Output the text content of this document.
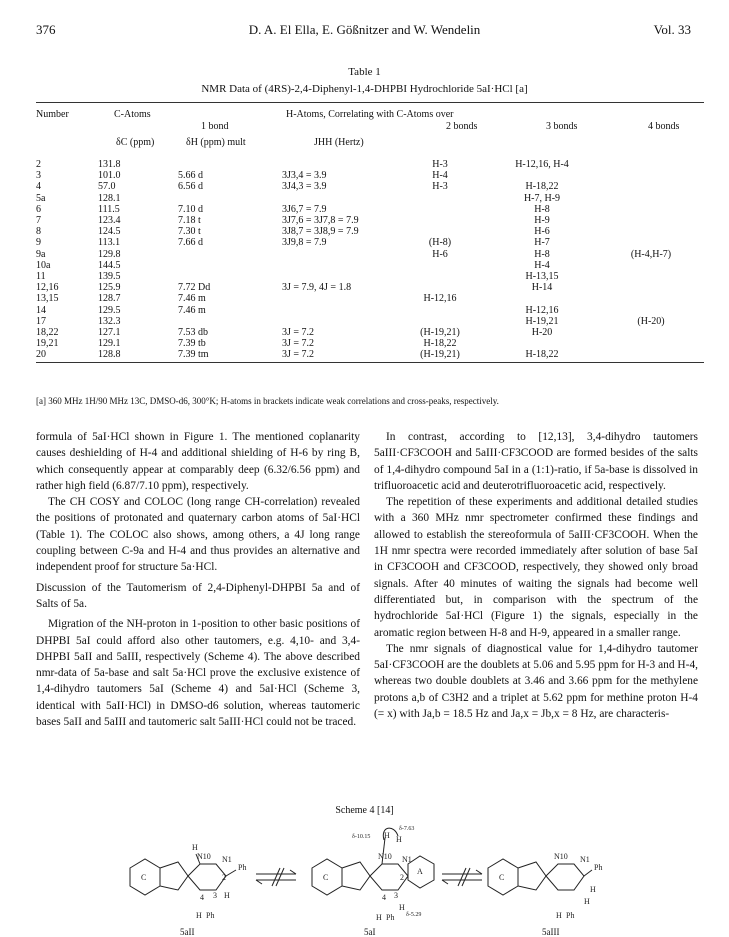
376	D. A. El Ella, E. Gößnitzer and W. Wendelin	Vol. 33
Table 1
NMR Data of (4RS)-2,4-Diphenyl-1,4-DHPBI Hydrochloride 5aI·HCl [a]
Number	C-Atoms	H-Atoms, Correlating with C-Atoms over
1 bond	2 bonds	3 bonds	4 bonds
δC (ppm)	δH (ppm) mult	JHH (Hertz)
2	131.8			H-3	H-12,16, H-4	
3	101.0	5.66 d	3J3,4 = 3.9	H-4		
4	57.0	6.56 d	3J4,3 = 3.9	H-3	H-18,22	
5a	128.1				H-7, H-9	
6	111.5	7.10 d	3J6,7 = 7.9		H-8	
7	123.4	7.18 t	3J7,6 = 3J7,8 = 7.9		H-9	
8	124.5	7.30 t	3J8,7 = 3J8,9 = 7.9		H-6	
9	113.1	7.66 d	3J9,8 = 7.9	(H-8)	H-7	
9a	129.8			H-6	H-8	(H-4,H-7)
10a	144.5				H-4	
11	139.5				H-13,15	
12,16	125.9	7.72 Dd	3J = 7.9, 4J = 1.8		H-14	
13,15	128.7	7.46 m		H-12,16		
14	129.5	7.46 m			H-12,16	
17	132.3				H-19,21	(H-20)
18,22	127.1	7.53 db	3J = 7.2	(H-19,21)	H-20	
19,21	129.1	7.39 tb	3J = 7.2	H-18,22		
20	128.8	7.39 tm	3J = 7.2	(H-19,21)	H-18,22	
[a] 360 MHz 1H/90 MHz 13C, DMSO-d6, 300°K; H-atoms in brackets indicate weak correlations and cross-peaks, respectively.

formula of 5aI·HCl shown in Figure 1. The mentioned coplanarity causes deshielding of H-4 and additional shielding of H-6 by ring B, which consequently appear at comparably deep (6.32/6.56 ppm) and rather high field (6.87/7.10 ppm), respectively.

The CH COSY and COLOC (long range CH-correlation) revealed the positions of protonated and quaternary carbon atoms of 5aI·HCl (Table 1). The COLOC also shows, among others, a 4J long range coupling between C-9a and H-4 and thus provides an alternative and independent proof for structure 5a·HCl.

Discussion of the Tautomerism of 2,4-Diphenyl-DHPBI 5a and of Salts of 5a.

Migration of the NH-proton in 1-position to other basic positions of DHPBI 5aI could afford also other tautomers, e.g. 4,10- and 3,4-DHPBI 5aII and 5aIII, respectively (Scheme 4). The above described nmr-data of 5a-base and salt 5a·HCl prove the exclusive existence of 1,4-dihydro tautomers 5aI (Scheme 4) and 5aI·HCl (Scheme 3, identical with 5aII·HCl) in DMSO-d6 solution, whereas tautomeric bases 5aII and 5aIII and tautomeric salt 5aIII·HCl could not be traced.

In contrast, according to [12,13], 3,4-dihydro tautomers 5aIII·CF3COOH and 5aIII·CF3COOD are formed besides of the salts of 1,4-dihydro compound 5aI in a (1:1)-ratio, if 5a-base is dissolved in trifluoroacetic acid and deuterotrifluoroacetic acid, respectively.

The repetition of these experiments and additional detailed studies with a 360 MHz nmr spectrometer confirmed these findings and allowed to establish the stereoformula of 5aIII·CF3COOH. When the 1H nmr spectra were recorded immediately after solution of base 5aI in CF3COOH and CF3COOD, respectively, they showed only broad signals. After 40 minutes of waiting the signals had become well differentiated but, in comparison with the spectrum of the hydrochloride 5aI·HCl (Figure 1) the signals, especially in the aromatic region between H-8 and H-9, appeared in a smaller range.

The nmr signals of diagnostical value for 1,4-dihydro tautomer 5aI·CF3COOH are the doublets at 5.06 and 5.95 ppm for H-3 and H-4, whereas two double doublets at 3.46 and 3.66 ppm for the methylene protons a,b of C3H2 and a triplet at 5.62 ppm for methine proton H-4 (= x) with Ja,b = 18.5 Hz and Ja,x = Jb,x = 8 Hz, are characteris-

Scheme 4 [14]
C
H
N10 N1
Ph
2
3 H
4
H Ph
5aII
C
A
H
δ-10.15
δ-7.63
H
N10 N1
2
3
4
H
δ-5.29
H Ph
5aI
C
N10 N1
Ph
H
H
H Ph
5aIII
